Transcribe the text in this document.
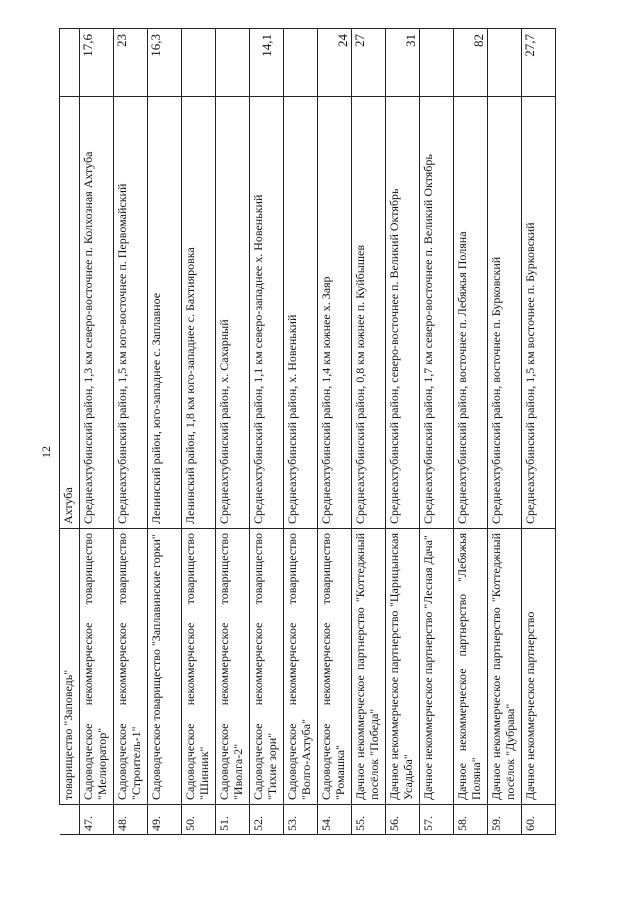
12
	товарищество "Заповедь"	Ахтуба	
47.	Садоводческое некоммерческое товарищество "Мелиоратор"	Среднеахтубинский район, 1,3 км северо-восточнее п. Колхозная Ахтуба	17,6
48.	Садоводческое некоммерческое товарищество "Строитель-1"	Среднеахтубинский район, 1,5 км юго-восточнее п. Первомайский	23
49.	Садоводческое товарищество "Заплавинские горки"	Ленинский район, юго-западнее с. Заплавное	16,3
50.	Садоводческое некоммерческое товарищество "Шинник"	Ленинский район, 1,8 км юго-западнее с. Бахтияровка	
51.	Садоводческое некоммерческое товарищество "Иволга-2"	Среднеахтубинский район, х. Сахарный	
52.	Садоводческое некоммерческое товарищество "Тихие зори"	Среднеахтубинский район, 1,1 км северо-западнее х. Новенький	14,1
53.	Садоводческое некоммерческое товарищество "Волго-Ахтуба"	Среднеахтубинский район, х. Новенький	
54.	Садоводческое некоммерческое товарищество "Ромашка"	Среднеахтубинский район, 1,4 км южнее х. Заяр	24
55.	Дачное некоммерческое партнерство "Коттеджный посёлок "Победа"	Среднеахтубинский район, 0,8 км южнее п. Куйбышев	27
56.	Дачное некоммерческое партнерство "Царицынская Усадьба"	Среднеахтубинский район, северо-восточнее п. Великий Октябрь	31
57.	Дачное некоммерческое партнерство "Лесная Дача"	Среднеахтубинский район, 1,7 км северо-восточнее п. Великий Октябрь	
58.	Дачное некоммерческое партнерство "Лебяжья Поляна"	Среднеахтубинский район, восточнее п. Лебяжья Поляна	82
59.	Дачное некоммерческое партнерство "Коттеджный посёлок "Дубрава"	Среднеахтубинский район, восточнее п. Бурковский	
60.	Дачное некоммерческое партнерство	Среднеахтубинский район, 1,5 км восточнее п. Бурковский	27,7
